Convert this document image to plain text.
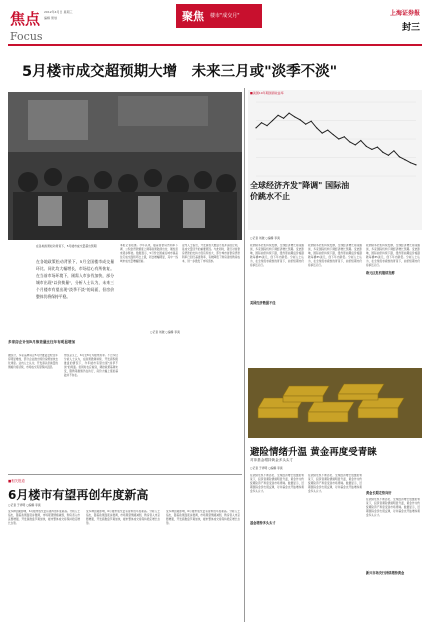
焦点
Focus
2012年4月日 星期三
编辑 策划	聚焦 楼市"成交月"	上海证券报
封三
5月楼市成交超预期大增　未来三月或"淡季不淡"
在各地政策松动背景下，5月楼市成交量超出预期
在各地政策松动背景下，5月全国楼市成交量环比、同比均大幅增长，市场信心有所恢复。在当前市场环境下，刚需入市步伐加快，部分城市出现"以价换量"，分析人士认为，未来三个月楼市有望出现"淡季不淡"的局面，但房价整体仍将保持平稳。
本报记者报道。今年以来，随着首套房贷利率下调、公积金贷款额度上调等政策陆续出台，刚性需求逐步释放。数据显示，5月份全国重点城市商品住宅成交面积环比上涨，同比增幅明显，其中一线城市成交量增幅居前。
业内人士指出，开发商加大推盘力度并适度让利，是成交量回升的重要原因。与此同时，银行对首套房贷款的支持力度有所加大，部分城市首套房贷款利率已回归基准利率，有效降低了购房者的购房成本，进一步激发了市场需求。
多家房企计划5月推货量比往年有明显增加
据统计，多家品牌房企5月份推货量较往年有明显增加，部分企业推出特价房源加快去化速度。业内人士认为，开发商以价换量的策略仍将延续，市场成交有望保持活跃。
传统意义上，6月至8月为楼市淡季。不过多位分析人士认为，在政策微调持续、开发商积极推盘的情况下，今年楼市有望出现"淡季不淡"的局面。但同时也应看到，调控政策基调未变，限购等措施仍在执行，房价大幅上涨的基础并不存在。
○记者 刘骏 ○编辑 李爽
■相关报道
6月楼市有望再创年度新高
○记者 于祥明 ○编辑 李爽
受多种因素影响，6月楼市成交量有望再创年度新高。分析人士指出，随着政策面逐步微调，市场观望情绪减弱，购房者入市意愿增强，开发商推盘节奏加快，楼市整体成交将保持稳定增长态势。
受多种因素影响，6月楼市成交量有望再创年度新高。分析人士指出，随着政策面逐步微调，市场观望情绪减弱，购房者入市意愿增强，开发商推盘节奏加快，楼市整体成交将保持稳定增长态势。
受多种因素影响，6月楼市成交量有望再创年度新高。分析人士指出，随着政策面逐步微调，市场观望情绪减弱，购房者入市意愿增强，开发商推盘节奏加快，楼市整体成交将保持稳定增长态势。
■美国10年期国债收益率
全球经济齐发"降调" 国际油价跳水不止
○记者 刘骏 ○编辑 李爽
欧洲债务危机持续发酵，全球经济增长前景黯淡，多家国际机构下调经济增长预期。受此影响，国际油价持续下跌，纽约原油期货价格跌破每桶85美元，创下年内新低。分析人士认为，在全球需求疲软的背景下，油价短期内仍将承压运行。
美国经济数据不佳
欧洲债务危机持续发酵，全球经济增长前景黯淡，多家国际机构下调经济增长预期。受此影响，国际油价持续下跌，纽约原油期货价格跌破每桶85美元，创下年内新低。分析人士认为，在全球需求疲软的背景下，油价短期内仍将承压运行。
欧元区危机继续发酵
欧洲债务危机持续发酵，全球经济增长前景黯淡，多家国际机构下调经济增长预期。受此影响，国际油价持续下跌，纽约原油期货价格跌破每桶85美元，创下年内新低。分析人士认为，在全球需求疲软的背景下，油价短期内仍将承压运行。
避险情绪升温 黄金再度受青睐
对冲基金增持黄金多头头寸
○记者 于祥明 ○编辑 李爽
在欧债危机不断恶化、全球经济增长放缓的背景下，投资者避险情绪明显升温，黄金作为传统避险资产再度受到市场青睐。数据显示，近期国际金价出现反弹，对冲基金也开始增持黄金多头头寸。
基金增持多头头寸
在欧债危机不断恶化、全球经济增长放缓的背景下，投资者避险情绪明显升温，黄金作为传统避险资产再度受到市场青睐。数据显示，近期国际金价出现反弹，对冲基金也开始增持黄金多头头寸。	黄金长期走势向好
在欧债危机不断恶化、全球经济增长放缓的背景下，投资者避险情绪明显升温，黄金作为传统避险资产再度受到市场青睐。数据显示，近期国际金价出现反弹，对冲基金也开始增持黄金多头头寸。
新兴市场央行持续增持黄金
